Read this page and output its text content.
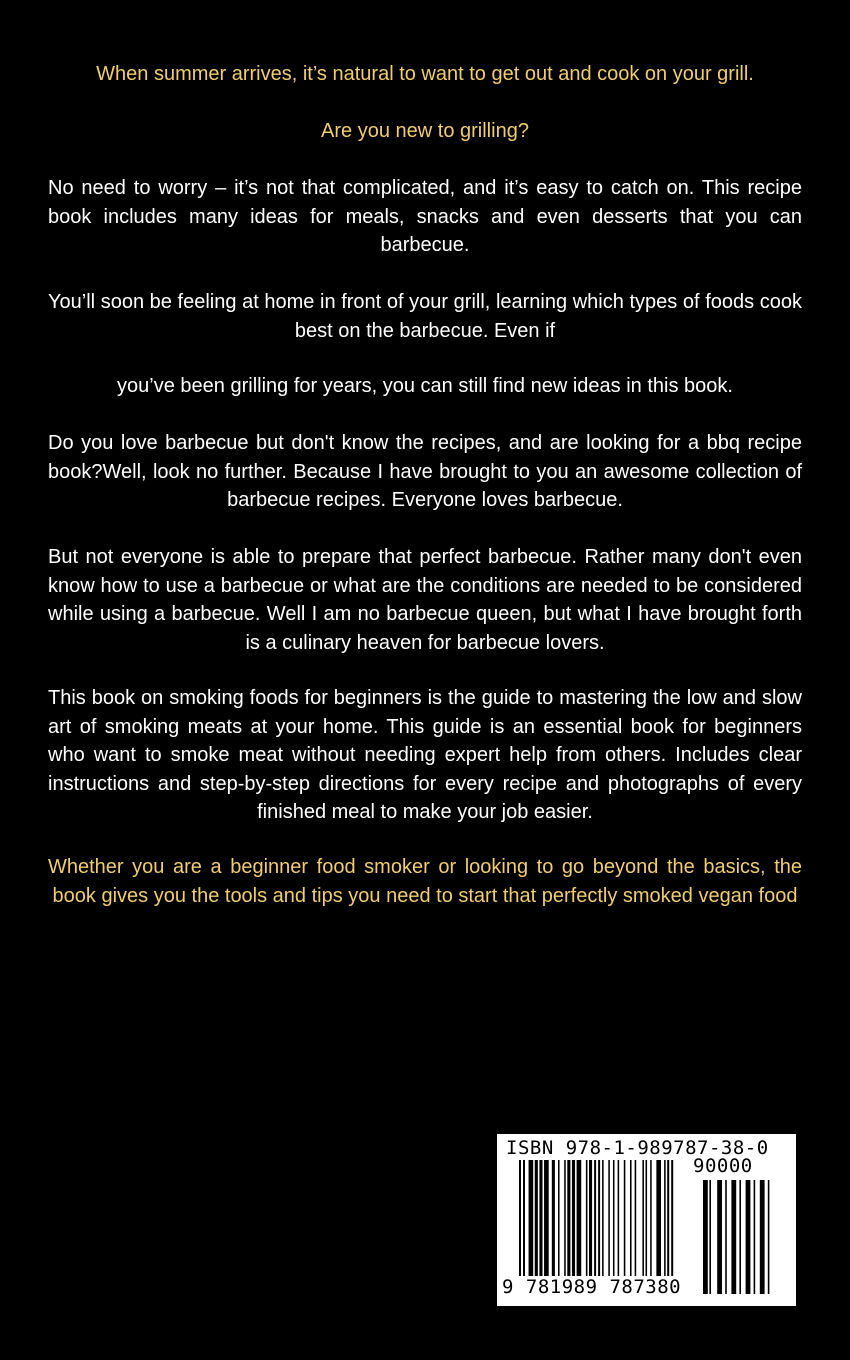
When summer arrives, it’s natural to want to get out and cook on your grill.

Are you new to grilling?

No need to worry – it’s not that complicated, and it’s easy to catch on. This recipe book includes many ideas for meals, snacks and even desserts that you can barbecue.

You’ll soon be feeling at home in front of your grill, learning which types of foods cook best on the barbecue. Even if

you’ve been grilling for years, you can still find new ideas in this book.

Do you love barbecue but don't know the recipes, and are looking for a bbq recipe book?Well, look no further. Because I have brought to you an awesome collection of barbecue recipes. Everyone loves barbecue.

But not everyone is able to prepare that perfect barbecue. Rather many don't even know how to use a barbecue or what are the conditions are needed to be considered while using a barbecue. Well I am no barbecue queen, but what I have brought forth is a culinary heaven for barbecue lovers.

This book on smoking foods for beginners is the guide to mastering the low and slow art of smoking meats at your home. This guide is an essential book for beginners who want to smoke meat without needing expert help from others. Includes clear instructions and step-by-step directions for every recipe and photographs of every finished meal to make your job easier.

Whether you are a beginner food smoker or looking to go beyond the basics, the book gives you the tools and tips you need to start that perfectly smoked vegan food

ISBN 978-1-989787-38-0
90000
9 781989 787380
